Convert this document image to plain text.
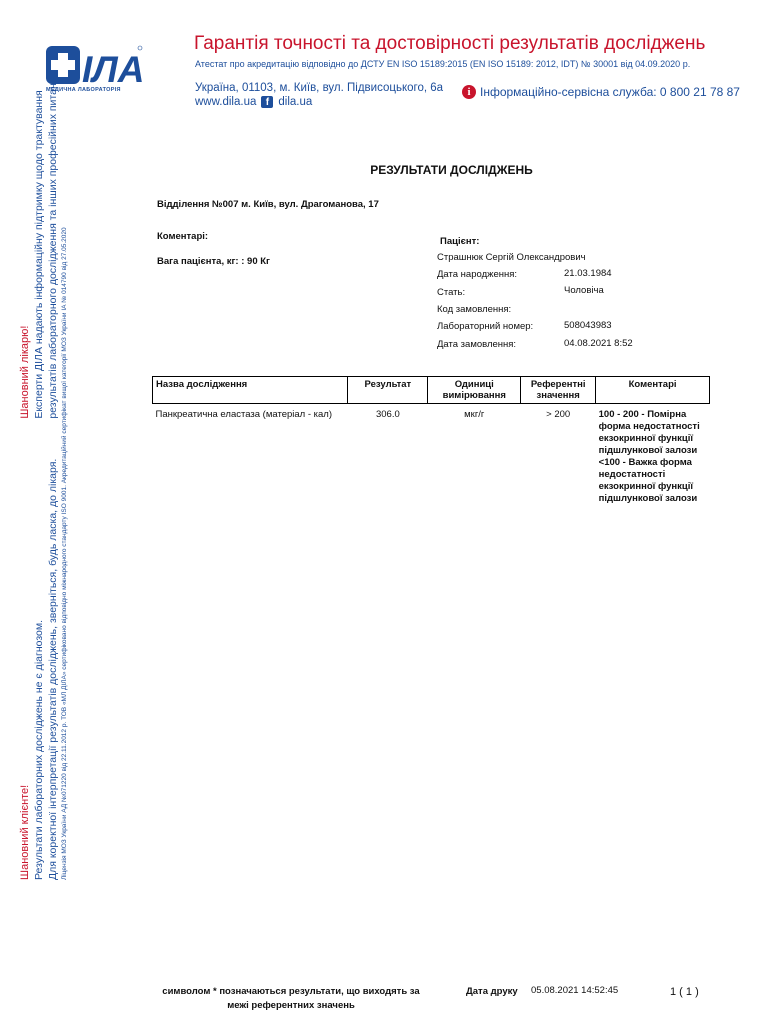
ІЛА
МЕДИЧНА ЛАБОРАТОРІЯ
Гарантія точності та достовірності результатів досліджень
Атестат про акредитацію відповідно до ДСТУ EN ISO 15189:2015 (EN ISO 15189: 2012, IDT) № 30001 від 04.09.2020 р.
Україна, 01103, м. Київ, вул. Підвисоцького, 6а
www.dila.ua f dila.ua
i Інформаційно-сервісна служба: 0 800 21 78 87
Шановний клієнте! Результати лабораторних досліджень не є діагнозом. Для коректної інтерпретації результатів досліджень, зверніться, будь ласка, до лікаря.
Шановний лікарю! Експерти ДІЛА надають інформаційну підтримку щодо трактування результатів лабораторного дослідження та інших професійних питань. Ліцензія МОЗ України АД №071220 від 22.11.2012 р. ТОВ «МЛ ДІЛА» сертифіковано відповідно міжнародного стандарту ISO 9001. Акредитаційний сертифікат вищої категорії МОЗ України ІА № 014790 від 27.05.2020
РЕЗУЛЬТАТИ ДОСЛІДЖЕНЬ
Відділення №007 м. Київ, вул. Драгоманова, 17
Коментарі:
Вага пацієнта, кг: : 90 Кг
Пацієнт:
Страшнюк Сергій Олександрович
Дата народження:	21.03.1984
Стать:	Чоловіча
Код замовлення:
Лабораторний номер:	508043983
Дата замовлення:	04.08.2021 8:52
Назва дослідження	Результат	Одиниці вимірювання	Референтні значення	Коментарі
Панкреатична еластаза (матеріал - кал)	306.0	мкг/г	> 200	100 - 200 - Помірна форма недостатності екзокринної функції підшлункової залози <100 - Важка форма недостатності екзокринної функції підшлункової залози
символом * позначаються результати, що виходять за межі референтних значень
Дата друку 05.08.2021 14:52:45	1 ( 1 )
